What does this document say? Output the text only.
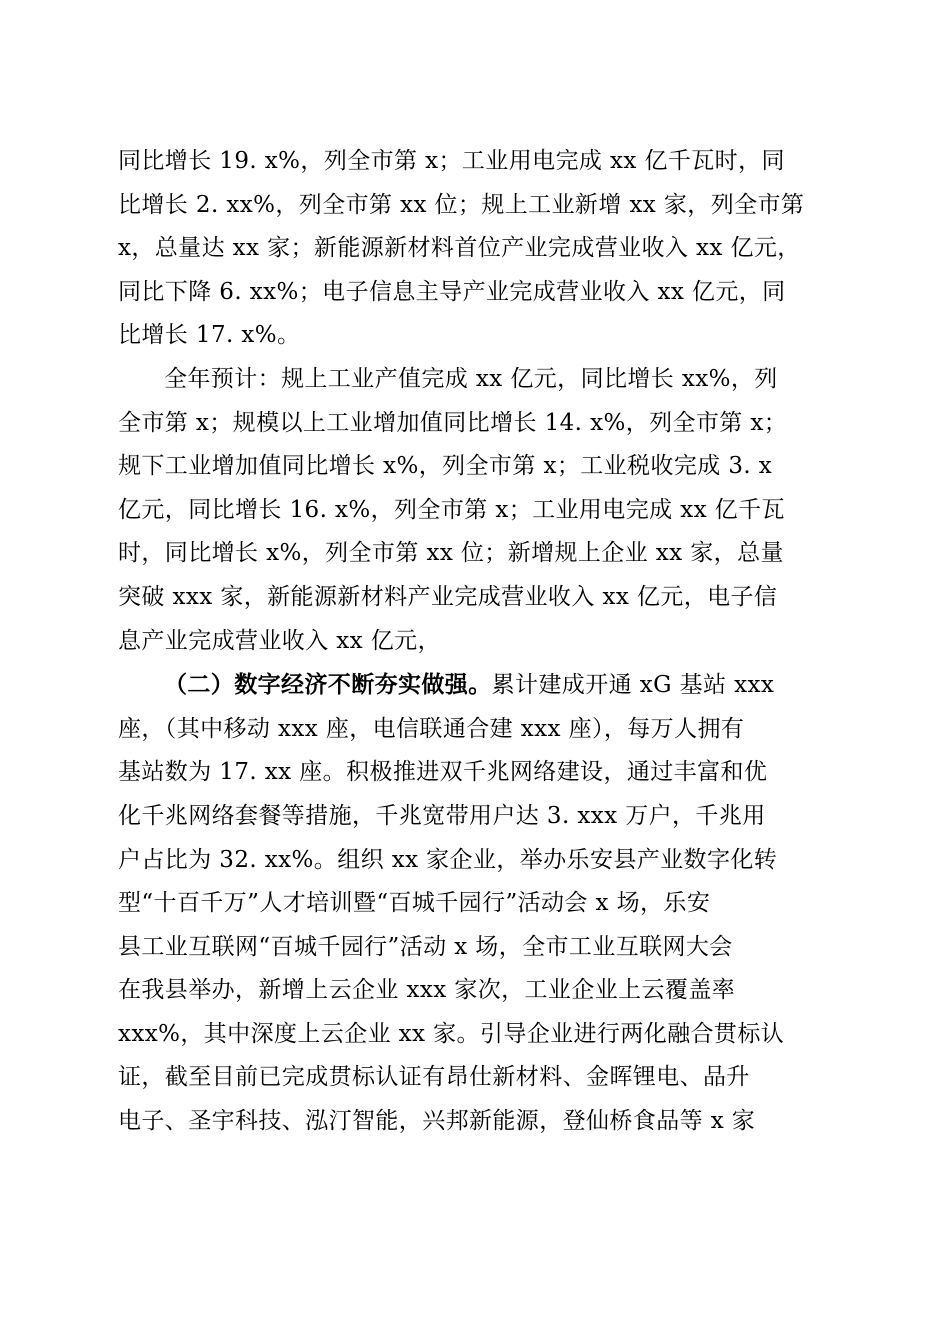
同比增长 19. x%，列全市第 x；工业用电完成 xx 亿千瓦时，同

比增长 2. xx%，列全市第 xx 位；规上工业新增 xx 家，列全市第

x，总量达 xx 家；新能源新材料首位产业完成营业收入 xx 亿元，

同比下降 6. xx%；电子信息主导产业完成营业收入 xx 亿元，同

比增长 17. x%。

全年预计：规上工业产值完成 xx 亿元，同比增长 xx%，列

全市第 x；规模以上工业增加值同比增长 14. x%，列全市第 x；

规下工业增加值同比增长 x%，列全市第 x；工业税收完成 3. x

亿元，同比增长 16. x%，列全市第 x；工业用电完成 xx 亿千瓦

时，同比增长 x%，列全市第 xx 位；新增规上企业 xx 家，总量

突破 xxx 家，新能源新材料产业完成营业收入 xx 亿元，电子信

息产业完成营业收入 xx 亿元，

（二）数字经济不断夯实做强。累计建成开通 xG 基站 xxx

座，（其中移动 xxx 座，电信联通合建 xxx 座），每万人拥有

基站数为 17. xx 座。积极推进双千兆网络建设，通过丰富和优

化千兆网络套餐等措施，千兆宽带用户达 3. xxx 万户，千兆用

户占比为 32. xx%。组织 xx 家企业，举办乐安县产业数字化转

型“十百千万”人才培训暨“百城千园行”活动会 x 场，乐安

县工业互联网“百城千园行”活动 x 场，全市工业互联网大会

在我县举办，新增上云企业 xxx 家次，工业企业上云覆盖率

xxx%，其中深度上云企业 xx 家。引导企业进行两化融合贯标认

证，截至目前已完成贯标认证有昂仕新材料、金晖锂电、品升

电子、圣宇科技、泓汀智能，兴邦新能源，登仙桥食品等 x 家
